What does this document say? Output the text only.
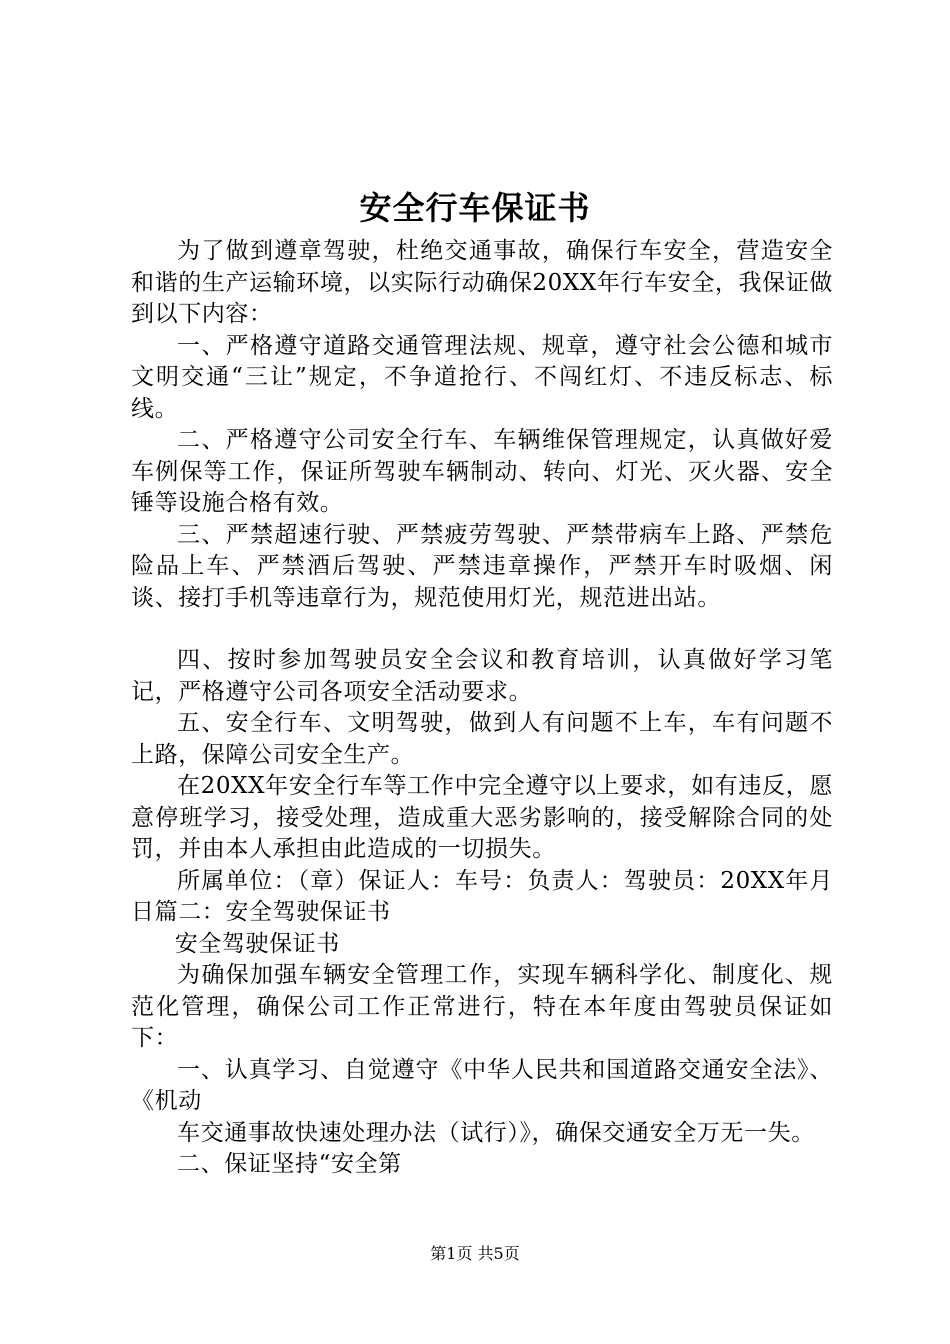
安全行车保证书

为了做到遵章驾驶，杜绝交通事故，确保行车安全，营造安全和谐的生产运输环境，以实际行动确保20XX年行车安全，我保证做到以下内容：

一、严格遵守道路交通管理法规、规章，遵守社会公德和城市文明交通“三让”规定，不争道抢行、不闯红灯、不违反标志、标线。

二、严格遵守公司安全行车、车辆维保管理规定，认真做好爱车例保等工作，保证所驾驶车辆制动、转向、灯光、灭火器、安全锤等设施合格有效。

三、严禁超速行驶、严禁疲劳驾驶、严禁带病车上路、严禁危险品上车、严禁酒后驾驶、严禁违章操作，严禁开车时吸烟、闲谈、接打手机等违章行为，规范使用灯光，规范进出站。

四、按时参加驾驶员安全会议和教育培训，认真做好学习笔记，严格遵守公司各项安全活动要求。

五、安全行车、文明驾驶，做到人有问题不上车，车有问题不上路，保障公司安全生产。

在20XX年安全行车等工作中完全遵守以上要求，如有违反，愿意停班学习，接受处理，造成重大恶劣影响的，接受解除合同的处罚，并由本人承担由此造成的一切损失。

所属单位：（章）保证人：车号：负责人：驾驶员：20XX年月日篇二：安全驾驶保证书

安全驾驶保证书

为确保加强车辆安全管理工作，实现车辆科学化、制度化、规范化管理，确保公司工作正常进行，特在本年度由驾驶员保证如下：

一、认真学习、自觉遵守《中华人民共和国道路交通安全法》、《机动

车交通事故快速处理办法（试行）》，确保交通安全万无一失。

二、保证坚持“安全第

第1页 共5页
